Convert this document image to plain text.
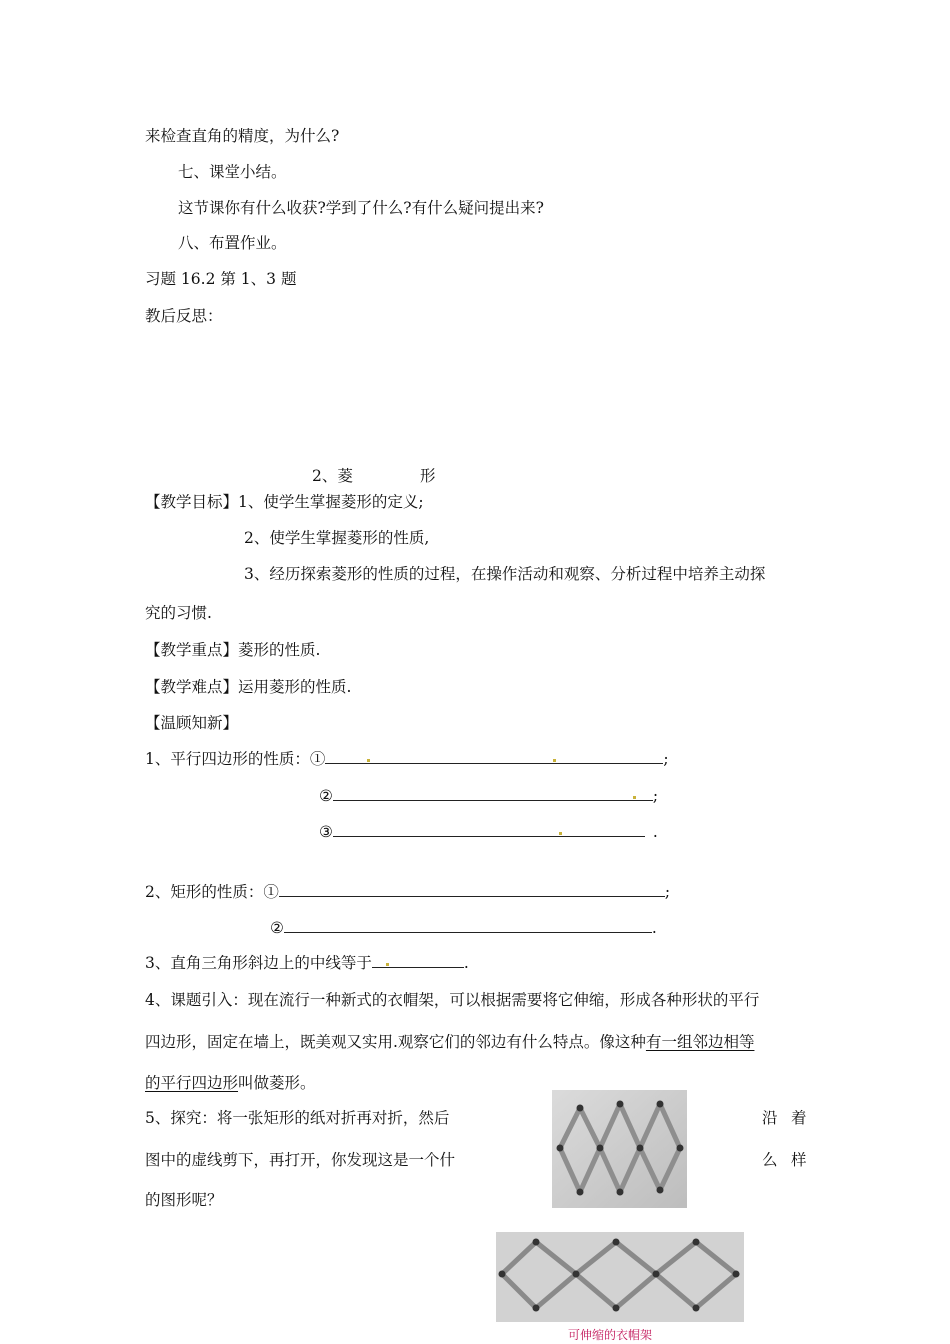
来检查直角的精度，为什么?
七、课堂小结。
这节课你有什么收获?学到了什么?有什么疑问提出来?
八、布置作业。
习题 16.2 第 1、3 题
教后反思：
2、菱	形
【教学目标】1、使学生掌握菱形的定义;
2、使学生掌握菱形的性质,
3、经历探索菱形的性质的过程，在操作活动和观察、分析过程中培养主动探
究的习惯.
【教学重点】菱形的性质.
【教学难点】运用菱形的性质.
【温顾知新】
1、平行四边形的性质：①	;
②	;
③	.
2、矩形的性质：①	;
②	.
3、直角三角形斜边上的中线等于	.
4、课题引入：现在流行一种新式的衣帽架，可以根据需要将它伸缩，形成各种形状的平行
四边形，固定在墙上，既美观又实用.观察它们的邻边有什么特点。像这种有一组邻边相等
的平行四边形叫做菱形。
5、探究：将一张矩形的纸对折再对折，然后	沿 着
图中的虚线剪下，再打开，你发现这是一个什	么 样
的图形呢？
可伸缩的衣帽架
